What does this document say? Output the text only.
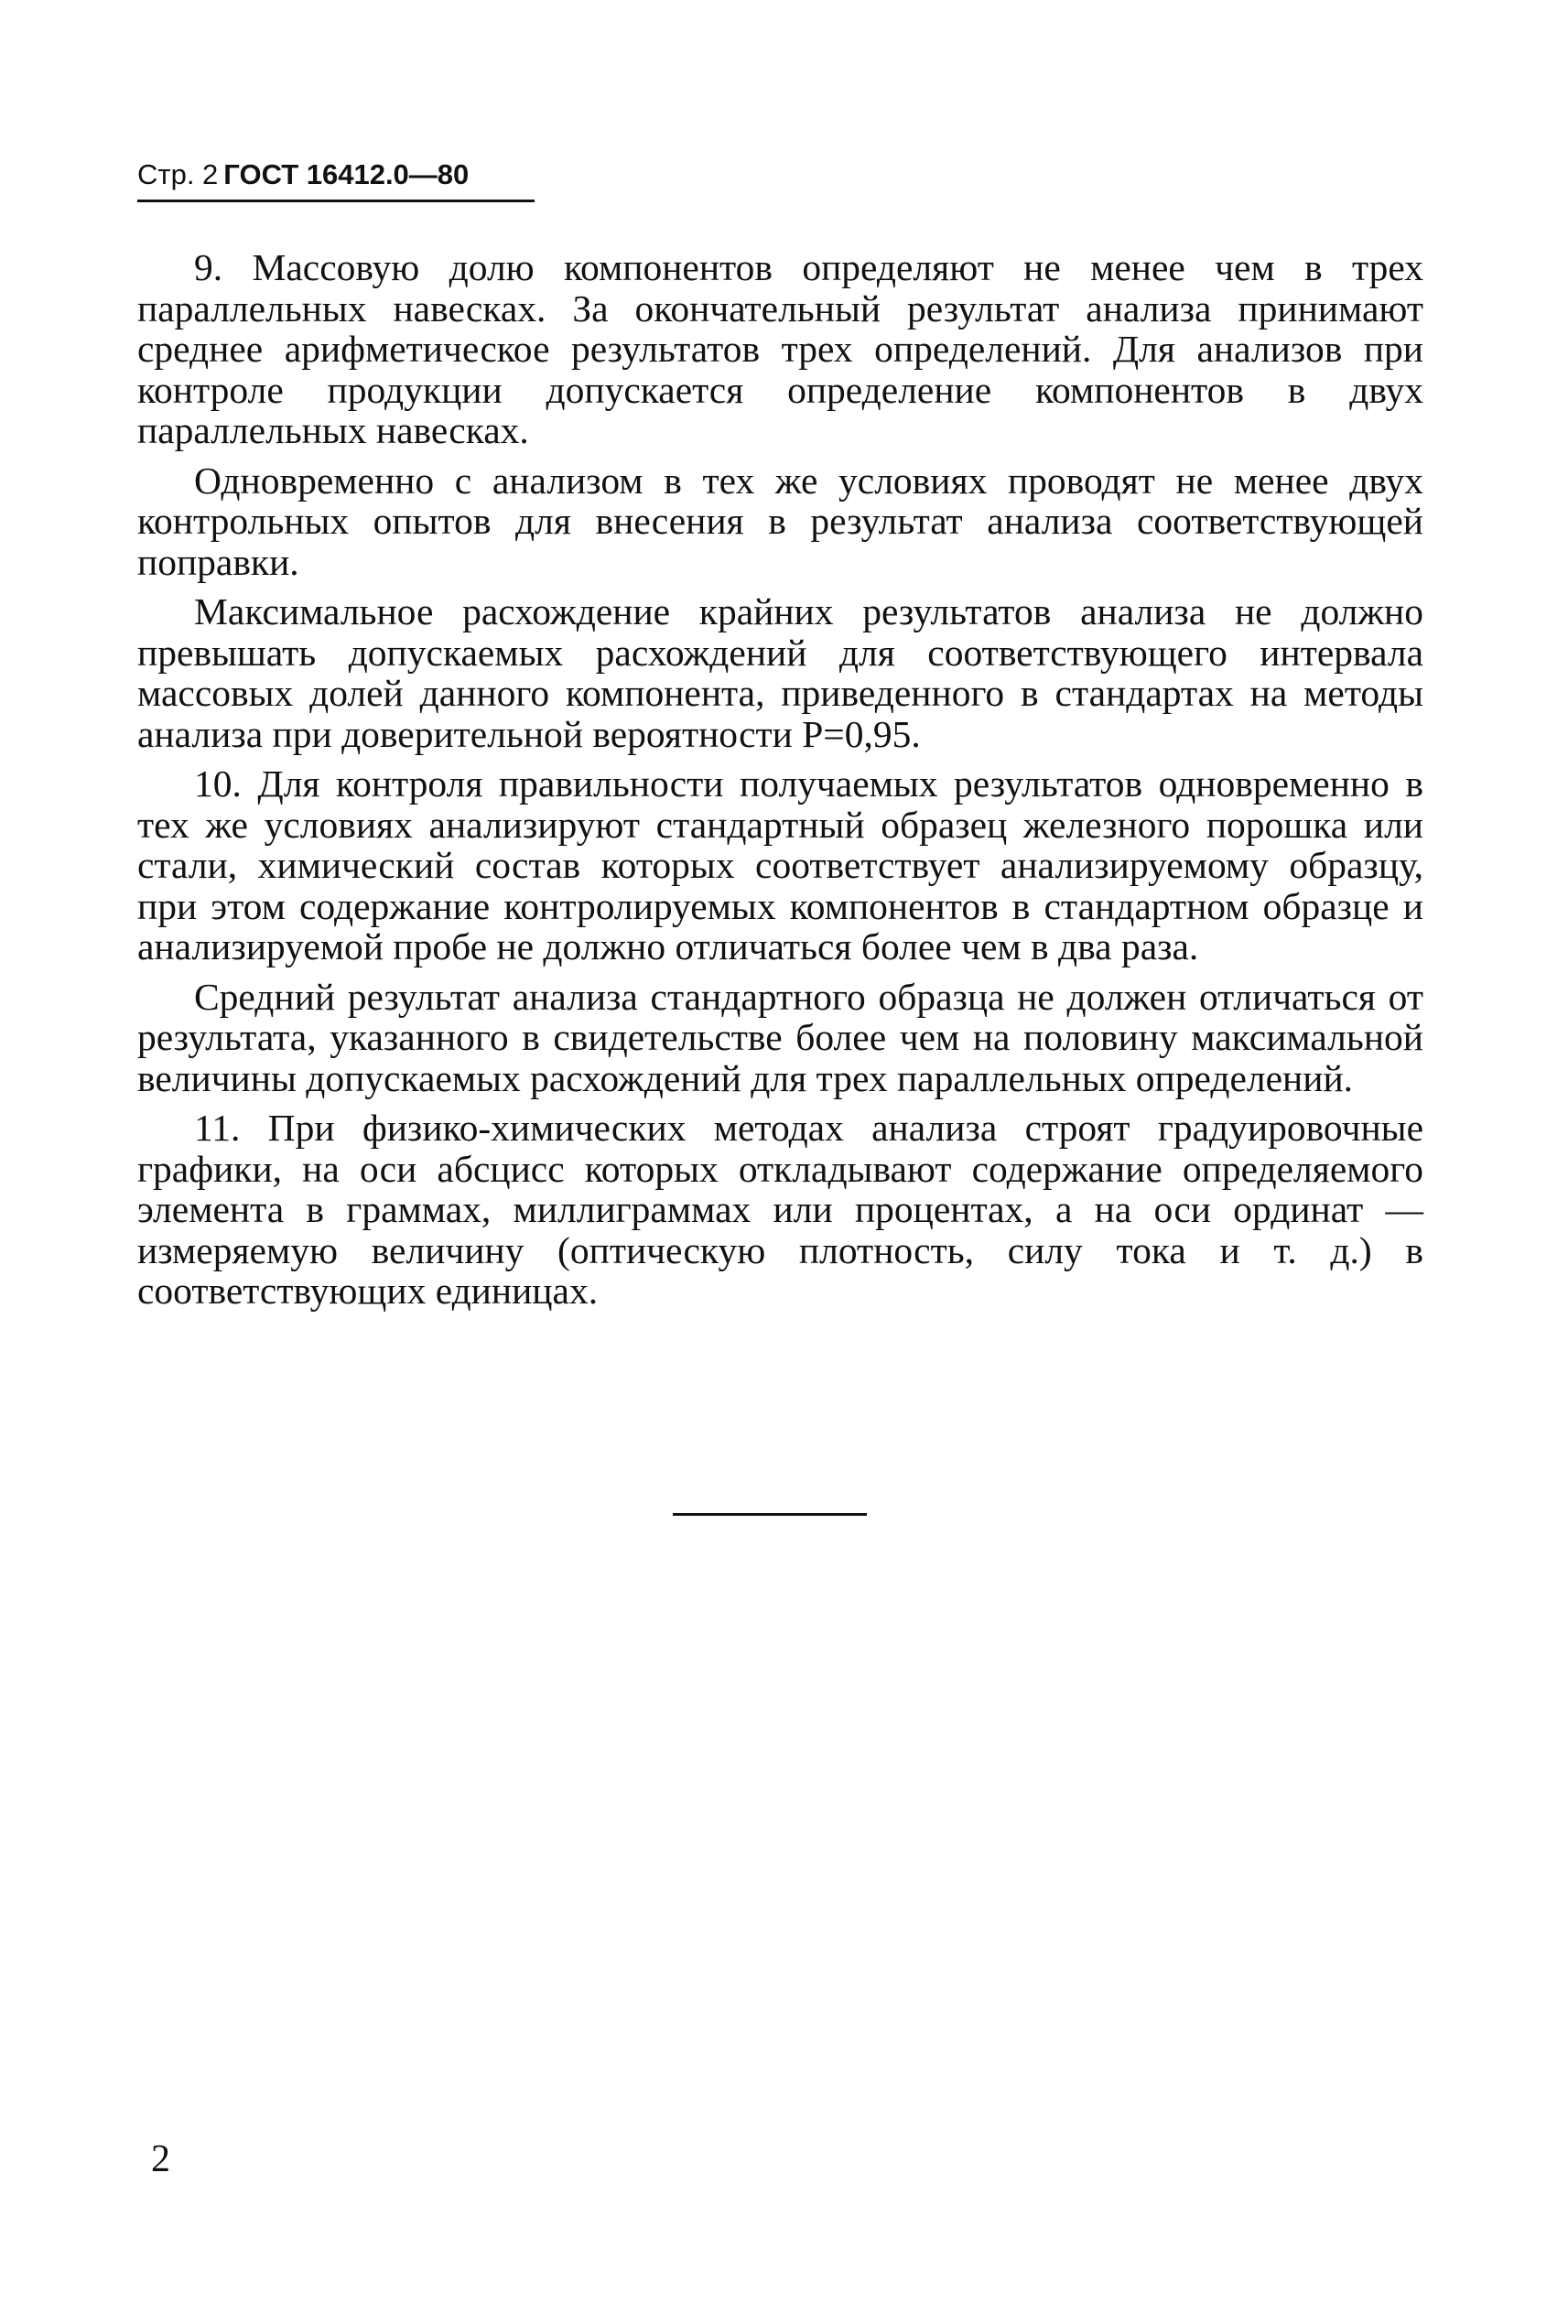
Стр. 2 ГОСТ 16412.0—80

9. Массовую долю компонентов определяют не менее чем в трех параллельных навесках. За окончательный результат анализа принимают среднее арифметическое результатов трех определений. Для анализов при контроле продукции допускается определение компонентов в двух параллельных навесках.

Одновременно с анализом в тех же условиях проводят не менее двух контрольных опытов для внесения в результат анализа соответствующей поправки.

Максимальное расхождение крайних результатов анализа не должно превышать допускаемых расхождений для соответствующего интервала массовых долей данного компонента, приведенного в стандартах на методы анализа при доверительной вероятности Р=0,95.

10. Для контроля правильности получаемых результатов одновременно в тех же условиях анализируют стандартный образец железного порошка или стали, химический состав которых соответствует анализируемому образцу, при этом содержание контролируемых компонентов в стандартном образце и анализируемой пробе не должно отличаться более чем в два раза.

Средний результат анализа стандартного образца не должен отличаться от результата, указанного в свидетельстве более чем на половину максимальной величины допускаемых расхождений для трех параллельных определений.

11. При физико-химических методах анализа строят градуировочные графики, на оси абсцисс которых откладывают содержание определяемого элемента в граммах, миллиграммах или процентах, а на оси ординат — измеряемую величину (оптическую плотность, силу тока и т. д.) в соответствующих единицах.

2
